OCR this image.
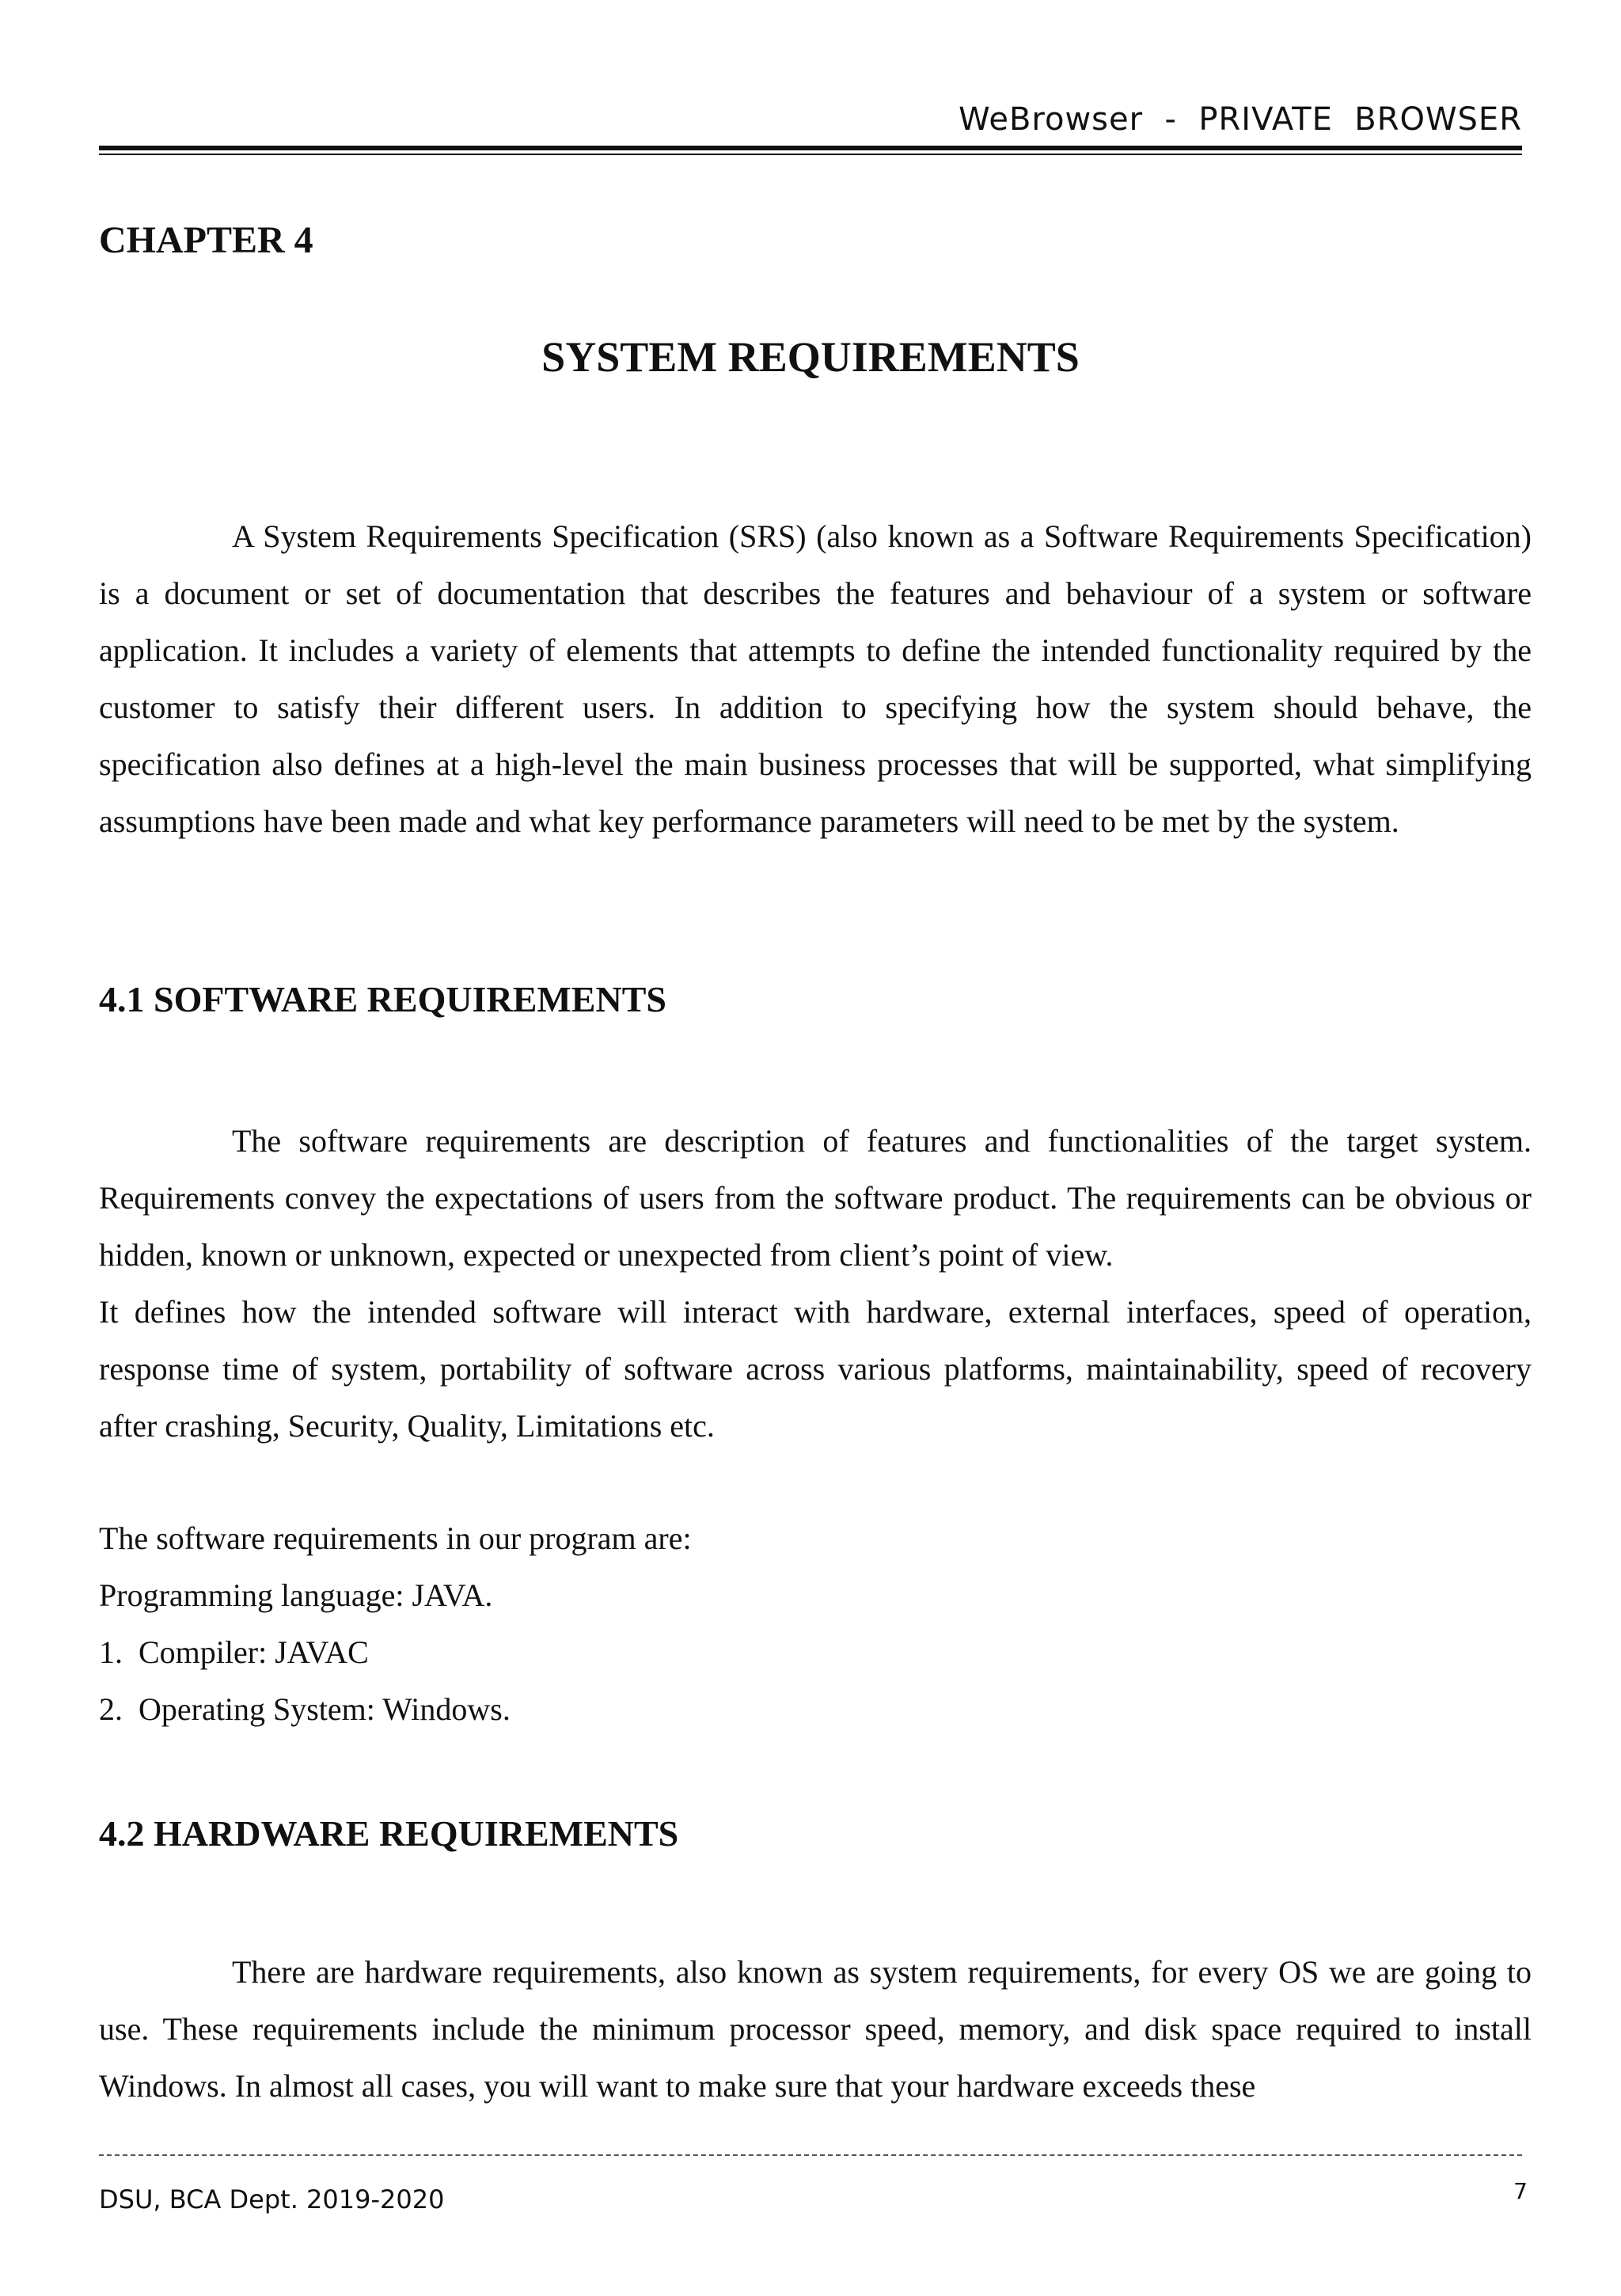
WeBrowser  -  PRIVATE  BROWSER
CHAPTER 4
SYSTEM REQUIREMENTS

A System Requirements Specification (SRS) (also known as a Software Requirements Specification) is a document or set of documentation that describes the features and behaviour of a system or software application. It includes a variety of elements that attempts to define the intended functionality required by the customer to satisfy their different users. In addition to specifying how the system should behave, the specification also defines at a high-level the main business processes that will be supported, what simplifying assumptions have been made and what key performance parameters will need to be met by the system.

4.1 SOFTWARE REQUIREMENTS

The software requirements are description of features and functionalities of the target system. Requirements convey the expectations of users from the software product. The requirements can be obvious or hidden, known or unknown, expected or unexpected from client’s point of view.

It defines how the intended software will interact with hardware, external interfaces, speed of operation, response time of system, portability of software across various platforms, maintainability, speed of recovery after crashing, Security, Quality, Limitations etc.

The software requirements in our program are:
Programming language: JAVA.
1.  Compiler: JAVAC
2.  Operating System: Windows.
4.2 HARDWARE REQUIREMENTS

There are hardware requirements, also known as system requirements, for every OS we are going to use. These requirements include the minimum processor speed, memory, and disk space required to install Windows. In almost all cases, you will want to make sure that your hardware exceeds these

DSU, BCA Dept. 2019-2020	7
